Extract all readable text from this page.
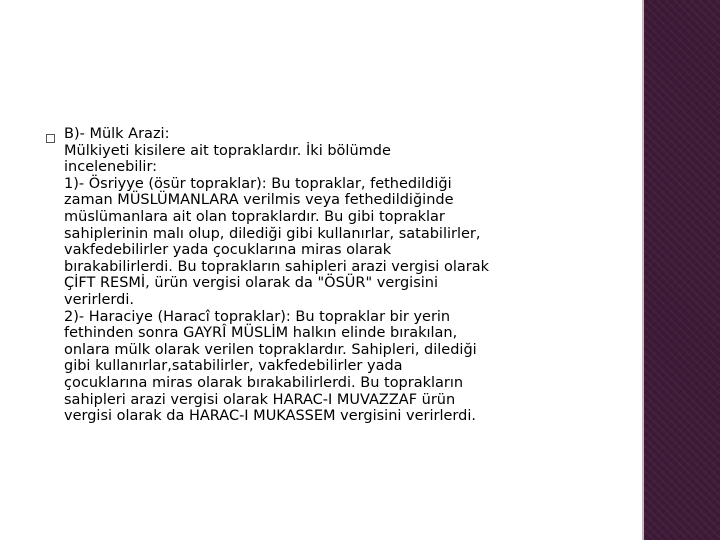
B)- Mülk Arazi:
Mülkiyeti kisilere ait topraklardır. İki bölümde
incelenebilir:
1)- Ösriyye (ösür topraklar): Bu topraklar, fethedildiği
zaman MÜSLÜMANLARA verilmis veya fethedildiğinde
müslümanlara ait olan topraklardır. Bu gibi topraklar
sahiplerinin malı olup, dilediği gibi kullanırlar, satabilirler,
vakfedebilirler yada çocuklarına miras olarak
bırakabilirlerdi. Bu toprakların sahipleri arazi vergisi olarak
ÇİFT RESMİ, ürün vergisi olarak da "ÖSÜR" vergisini
verirlerdi.
2)- Haraciye (Haracî topraklar): Bu topraklar bir yerin
fethinden sonra GAYRÎ MÜSLİM halkın elinde bırakılan,
onlara mülk olarak verilen topraklardır. Sahipleri, dilediği
gibi kullanırlar,satabilirler, vakfedebilirler yada
çocuklarına miras olarak bırakabilirlerdi. Bu toprakların
sahipleri arazi vergisi olarak HARAC-I MUVAZZAF ürün
vergisi olarak da HARAC-I MUKASSEM vergisini verirlerdi.
